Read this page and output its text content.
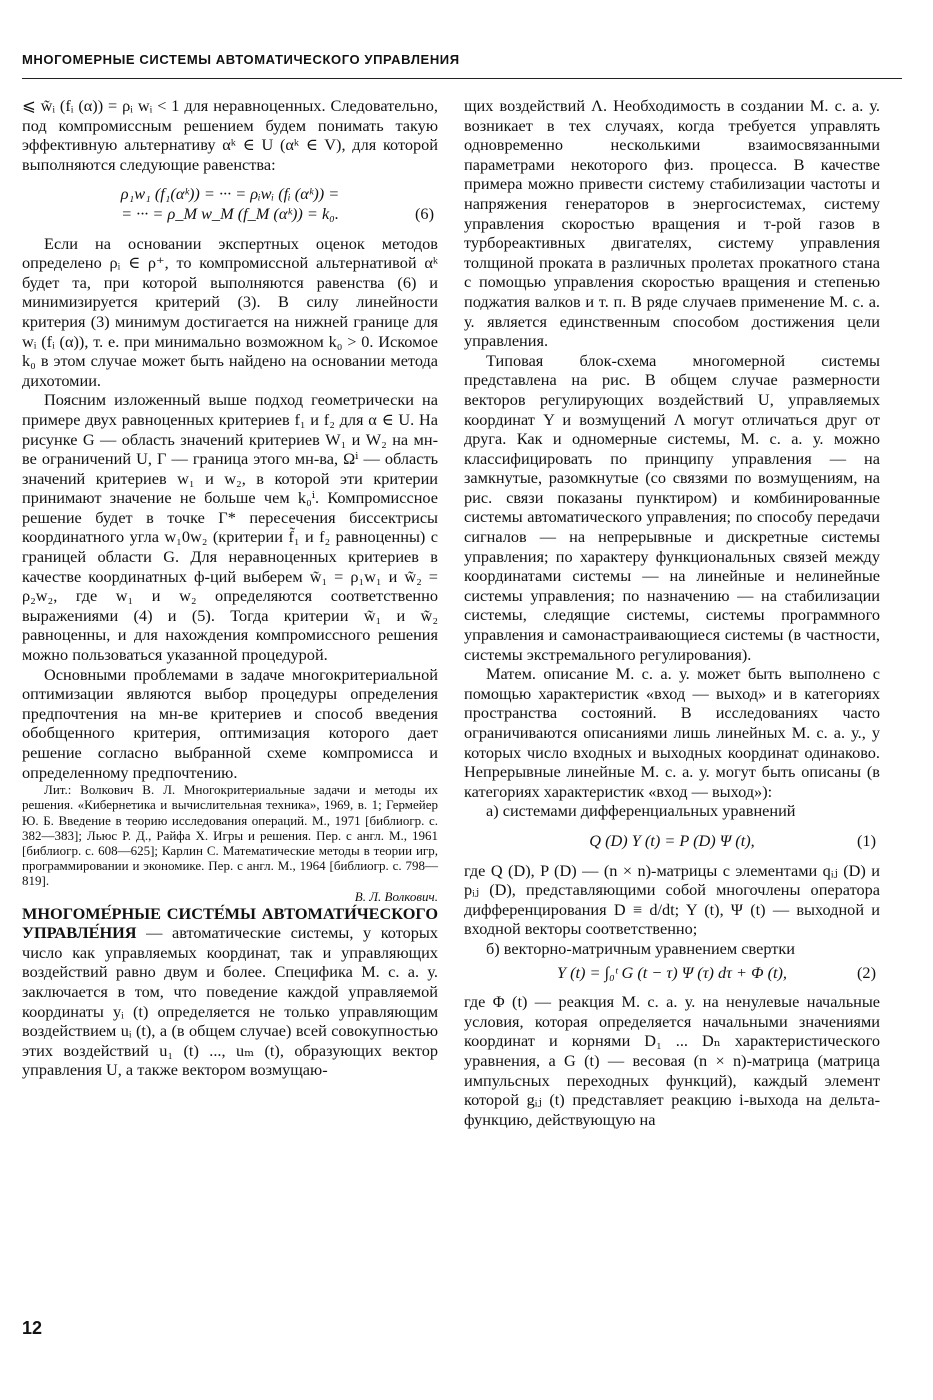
МНОГОМЕРНЫЕ СИСТЕМЫ АВТОМАТИЧЕСКОГО УПРАВЛЕНИЯ

⩽ w̃ᵢ (fᵢ (α)) = ρᵢ wᵢ < 1 для неравноценных. Следовательно, под компромиссным решением будем понимать такую эффективную альтернативу αᵏ ∈ U (αᵏ ∈ V), для которой выполняются следующие равенства:

ρ₁w₁ (f₁(αᵏ)) = ··· = ρᵢwᵢ (fᵢ (αᵏ)) =
= ··· = ρ_M w_M (f_M (αᵏ)) = k₀.	(6)

Если на основании экспертных оценок методов определено ρᵢ ∈ ρ⁺, то компромиссной альтернативой αᵏ будет та, при которой выполняются равенства (6) и минимизируется критерий (3). В силу линейности критерия (3) минимум достигается на нижней границе для wᵢ (fᵢ (α)), т. е. при минимально возможном k₀ > 0. Искомое k₀ в этом случае может быть найдено на основании метода дихотомии.

Поясним изложенный выше подход геометрически на примере двух равноценных критериев f₁ и f₂ для α ∈ U. На рисунке G — область значений критериев W₁ и W₂ на мн-ве ограничений U, Г — граница этого мн-ва, Ωⁱ — область значений критериев w₁ и w₂, в которой эти критерии принимают значение не больше чем k₀ⁱ. Компромиссное решение будет в точке Г* пересечения биссектрисы координатного угла w₁0w₂ (критерии f̃₁ и f₂ равноценны) с границей области G. Для неравноценных критериев в качестве координатных ф-ций выберем w̃₁ = ρ₁w₁ и w̃₂ = ρ₂w₂, где w₁ и w₂ определяются соответственно выражениями (4) и (5). Тогда критерии w̃₁ и w̃₂ равноценны, и для нахождения компромиссного решения можно пользоваться указанной процедурой.

Основными проблемами в задаче многокритериальной оптимизации являются выбор процедуры определения предпочтения на мн-ве критериев и способ введения обобщенного критерия, оптимизация которого дает решение согласно выбранной схеме компромисса и определенному предпочтению.

Лит.: Волкович В. Л. Многокритериальные задачи и методы их решения. «Кибернетика и вычислительная техника», 1969, в. 1; Гермейер Ю. Б. Введение в теорию исследования операций. М., 1971 [библиогр. с. 382—383]; Льюс Р. Д., Райфа Х. Игры и решения. Пер. с англ. М., 1961 [библиогр. с. 608—625]; Карлин С. Математические методы в теории игр, программировании и экономике. Пер. с англ. М., 1964 [библиогр. с. 798—819].

В. Л. Волкович.

МНОГОМЕ́РНЫЕ СИСТЕ́МЫ АВТОМАТИ́ЧЕСКОГО УПРАВЛЕ́НИЯ — автоматические системы, у которых число как управляемых координат, так и управляющих воздействий равно двум и более. Специфика М. с. а. у. заключается в том, что поведение каждой управляемой координаты yᵢ (t) определяется не только управляющим воздействием uᵢ (t), а (в общем случае) всей совокупностью этих воздействий u₁ (t) ..., uₘ (t), образующих вектор управления U, а также вектором возмущаю-

щих воздействий Λ. Необходимость в создании М. с. а. у. возникает в тех случаях, когда требуется управлять одновременно несколькими взаимосвязанными параметрами некоторого физ. процесса. В качестве примера можно привести систему стабилизации частоты и напряжения генераторов в энергосистемах, систему управления скоростью вращения и т-рой газов в турбореактивных двигателях, систему управления толщиной проката в различных пролетах прокатного стана с помощью управления скоростью вращения и степенью поджатия валков и т. п. В ряде случаев применение М. с. а. у. является единственным способом достижения цели управления.

Типовая блок-схема многомерной системы представлена на рис. В общем случае размерности векторов регулирующих воздействий U, управляемых координат Y и возмущений Λ могут отличаться друг от друга. Как и одномерные системы, М. с. а. у. можно классифицировать по принципу управления — на замкнутые, разомкнутые (со связями по возмущениям, на рис. связи показаны пунктиром) и комбинированные системы автоматического управления; по способу передачи сигналов — на непрерывные и дискретные системы управления; по характеру функциональных связей между координатами системы — на линейные и нелинейные системы управления; по назначению — на стабилизации системы, следящие системы, системы программного управления и самонастраивающиеся системы (в частности, системы экстремального регулирования).

Матем. описание М. с. а. у. может быть выполнено с помощью характеристик «вход — выход» и в категориях пространства состояний. В исследованиях часто ограничиваются описаниями лишь линейных М. с. а. у., у которых число входных и выходных координат одинаково. Непрерывные линейные М. с. а. у. могут быть описаны (в категориях характеристик «вход — выход»):

а) системами дифференциальных уравнений

Q (D) Y (t) = P (D) Ψ (t),	(1)

где Q (D), P (D) — (n × n)-матрицы с элементами qᵢⱼ (D) и pᵢⱼ (D), представляющими собой многочлены оператора дифференцирования D ≡ d/dt; Y (t), Ψ (t) — выходной и входной векторы соответственно;

б) векторно-матричным уравнением свертки

Y (t) = ∫₀ᵗ G (t − τ) Ψ (τ) dτ + Φ (t),	(2)

где Φ (t) — реакция М. с. а. у. на ненулевые начальные условия, которая определяется начальными значениями координат и корнями D₁ ... Dₙ характеристического уравнения, а G (t) — весовая (n × n)-матрица (матрица импульсных переходных функций), каждый элемент которой gᵢⱼ (t) представляет реакцию i-выхода на дельта-функцию, действующую на

12
